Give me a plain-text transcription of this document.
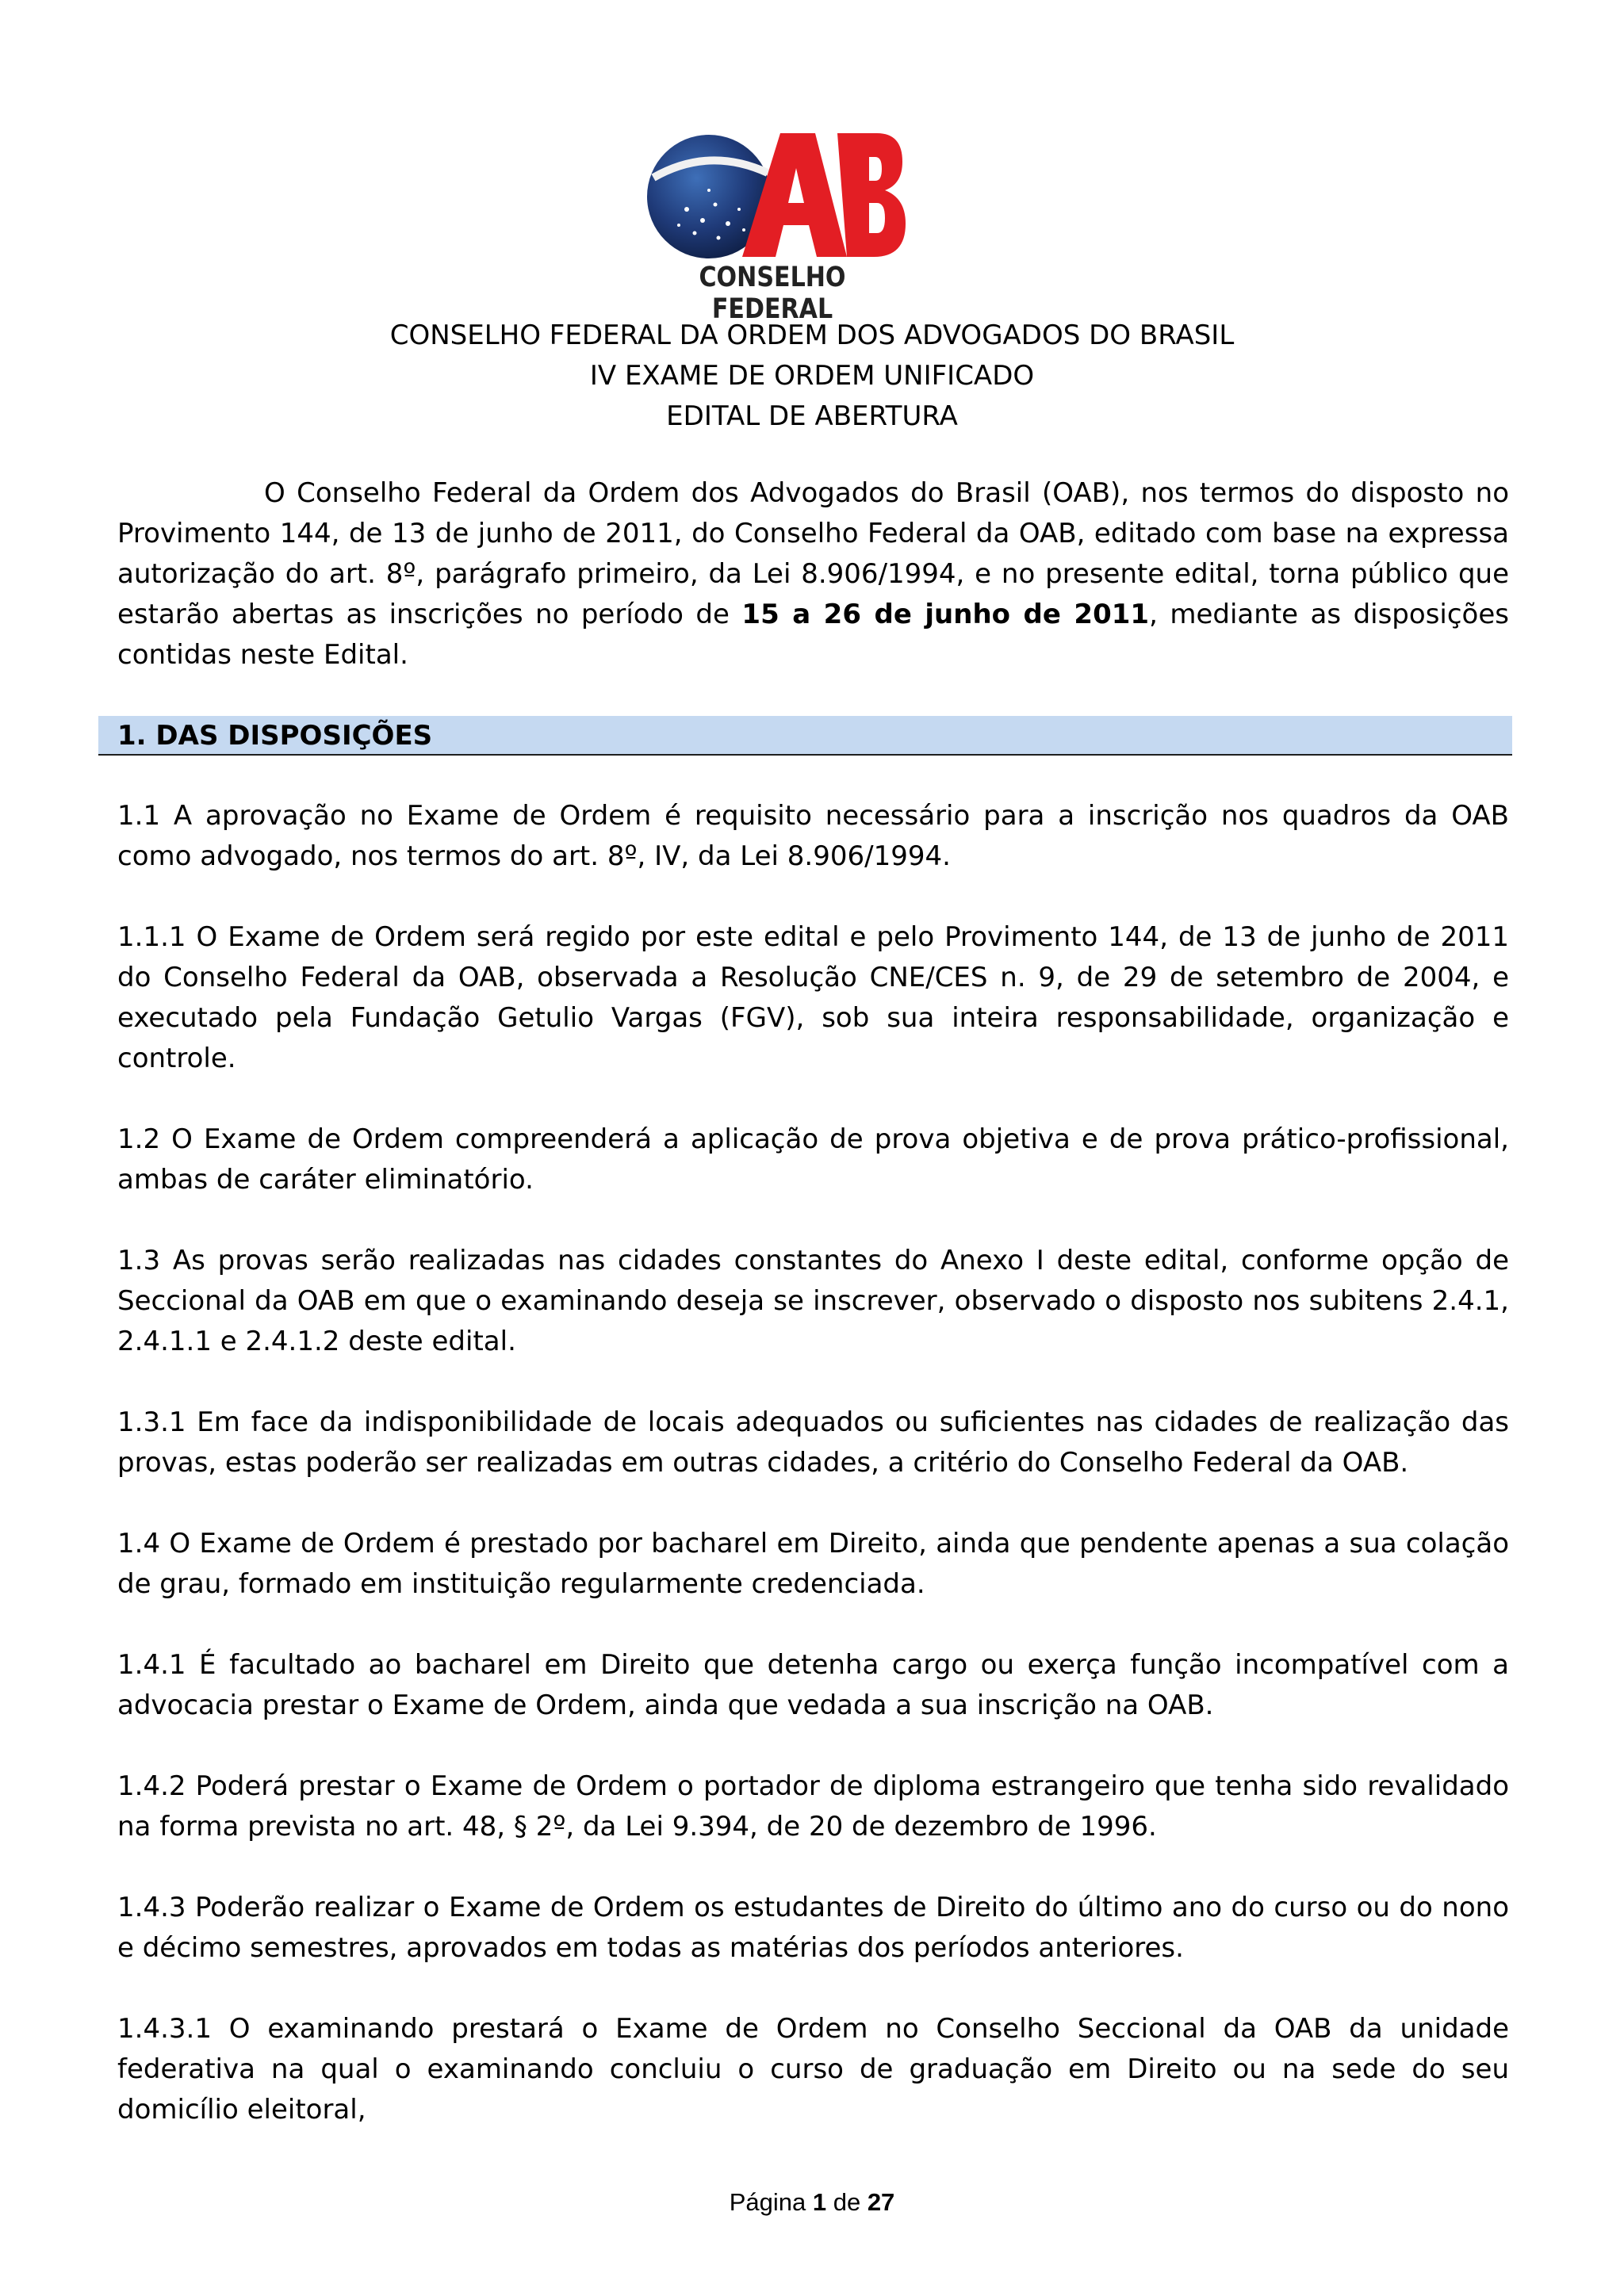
CONSELHO FEDERAL
CONSELHO FEDERAL DA ORDEM DOS ADVOGADOS DO BRASIL
IV EXAME DE ORDEM UNIFICADO
EDITAL DE ABERTURA

O Conselho Federal da Ordem dos Advogados do Brasil (OAB), nos termos do disposto no Provimento 144, de 13 de junho de 2011, do Conselho Federal da OAB, editado com base na expressa autorização do art. 8º, parágrafo primeiro, da Lei 8.906/1994, e no presente edital, torna público que estarão abertas as inscrições no período de 15 a 26 de junho de 2011, mediante as disposições contidas neste Edital.

1. DAS DISPOSIÇÕES

1.1 A aprovação no Exame de Ordem é requisito necessário para a inscrição nos quadros da OAB como advogado, nos termos do art. 8º, IV, da Lei 8.906/1994.

1.1.1 O Exame de Ordem será regido por este edital e pelo Provimento 144, de 13 de junho de 2011 do Conselho Federal da OAB, observada a Resolução CNE/CES n. 9, de 29 de setembro de 2004, e executado pela Fundação Getulio Vargas (FGV), sob sua inteira responsabilidade, organização e controle.

1.2 O Exame de Ordem compreenderá a aplicação de prova objetiva e de prova prático-profissional, ambas de caráter eliminatório.

1.3 As provas serão realizadas nas cidades constantes do Anexo I deste edital, conforme opção de Seccional da OAB em que o examinando deseja se inscrever, observado o disposto nos subitens 2.4.1, 2.4.1.1 e 2.4.1.2 deste edital.

1.3.1 Em face da indisponibilidade de locais adequados ou suficientes nas cidades de realização das provas, estas poderão ser realizadas em outras cidades, a critério do Conselho Federal da OAB.

1.4 O Exame de Ordem é prestado por bacharel em Direito, ainda que pendente apenas a sua colação de grau, formado em instituição regularmente credenciada.

1.4.1 É facultado ao bacharel em Direito que detenha cargo ou exerça função incompatível com a advocacia prestar o Exame de Ordem, ainda que vedada a sua inscrição na OAB.

1.4.2 Poderá prestar o Exame de Ordem o portador de diploma estrangeiro que tenha sido revalidado na forma prevista no art. 48, § 2º, da Lei 9.394, de 20 de dezembro de 1996.

1.4.3 Poderão realizar o Exame de Ordem os estudantes de Direito do último ano do curso ou do nono e décimo semestres, aprovados em todas as matérias dos períodos anteriores.

1.4.3.1 O examinando prestará o Exame de Ordem no Conselho Seccional da OAB da unidade federativa na qual o examinando concluiu o curso de graduação em Direito ou na sede do seu domicílio eleitoral,

Página 1 de 27
